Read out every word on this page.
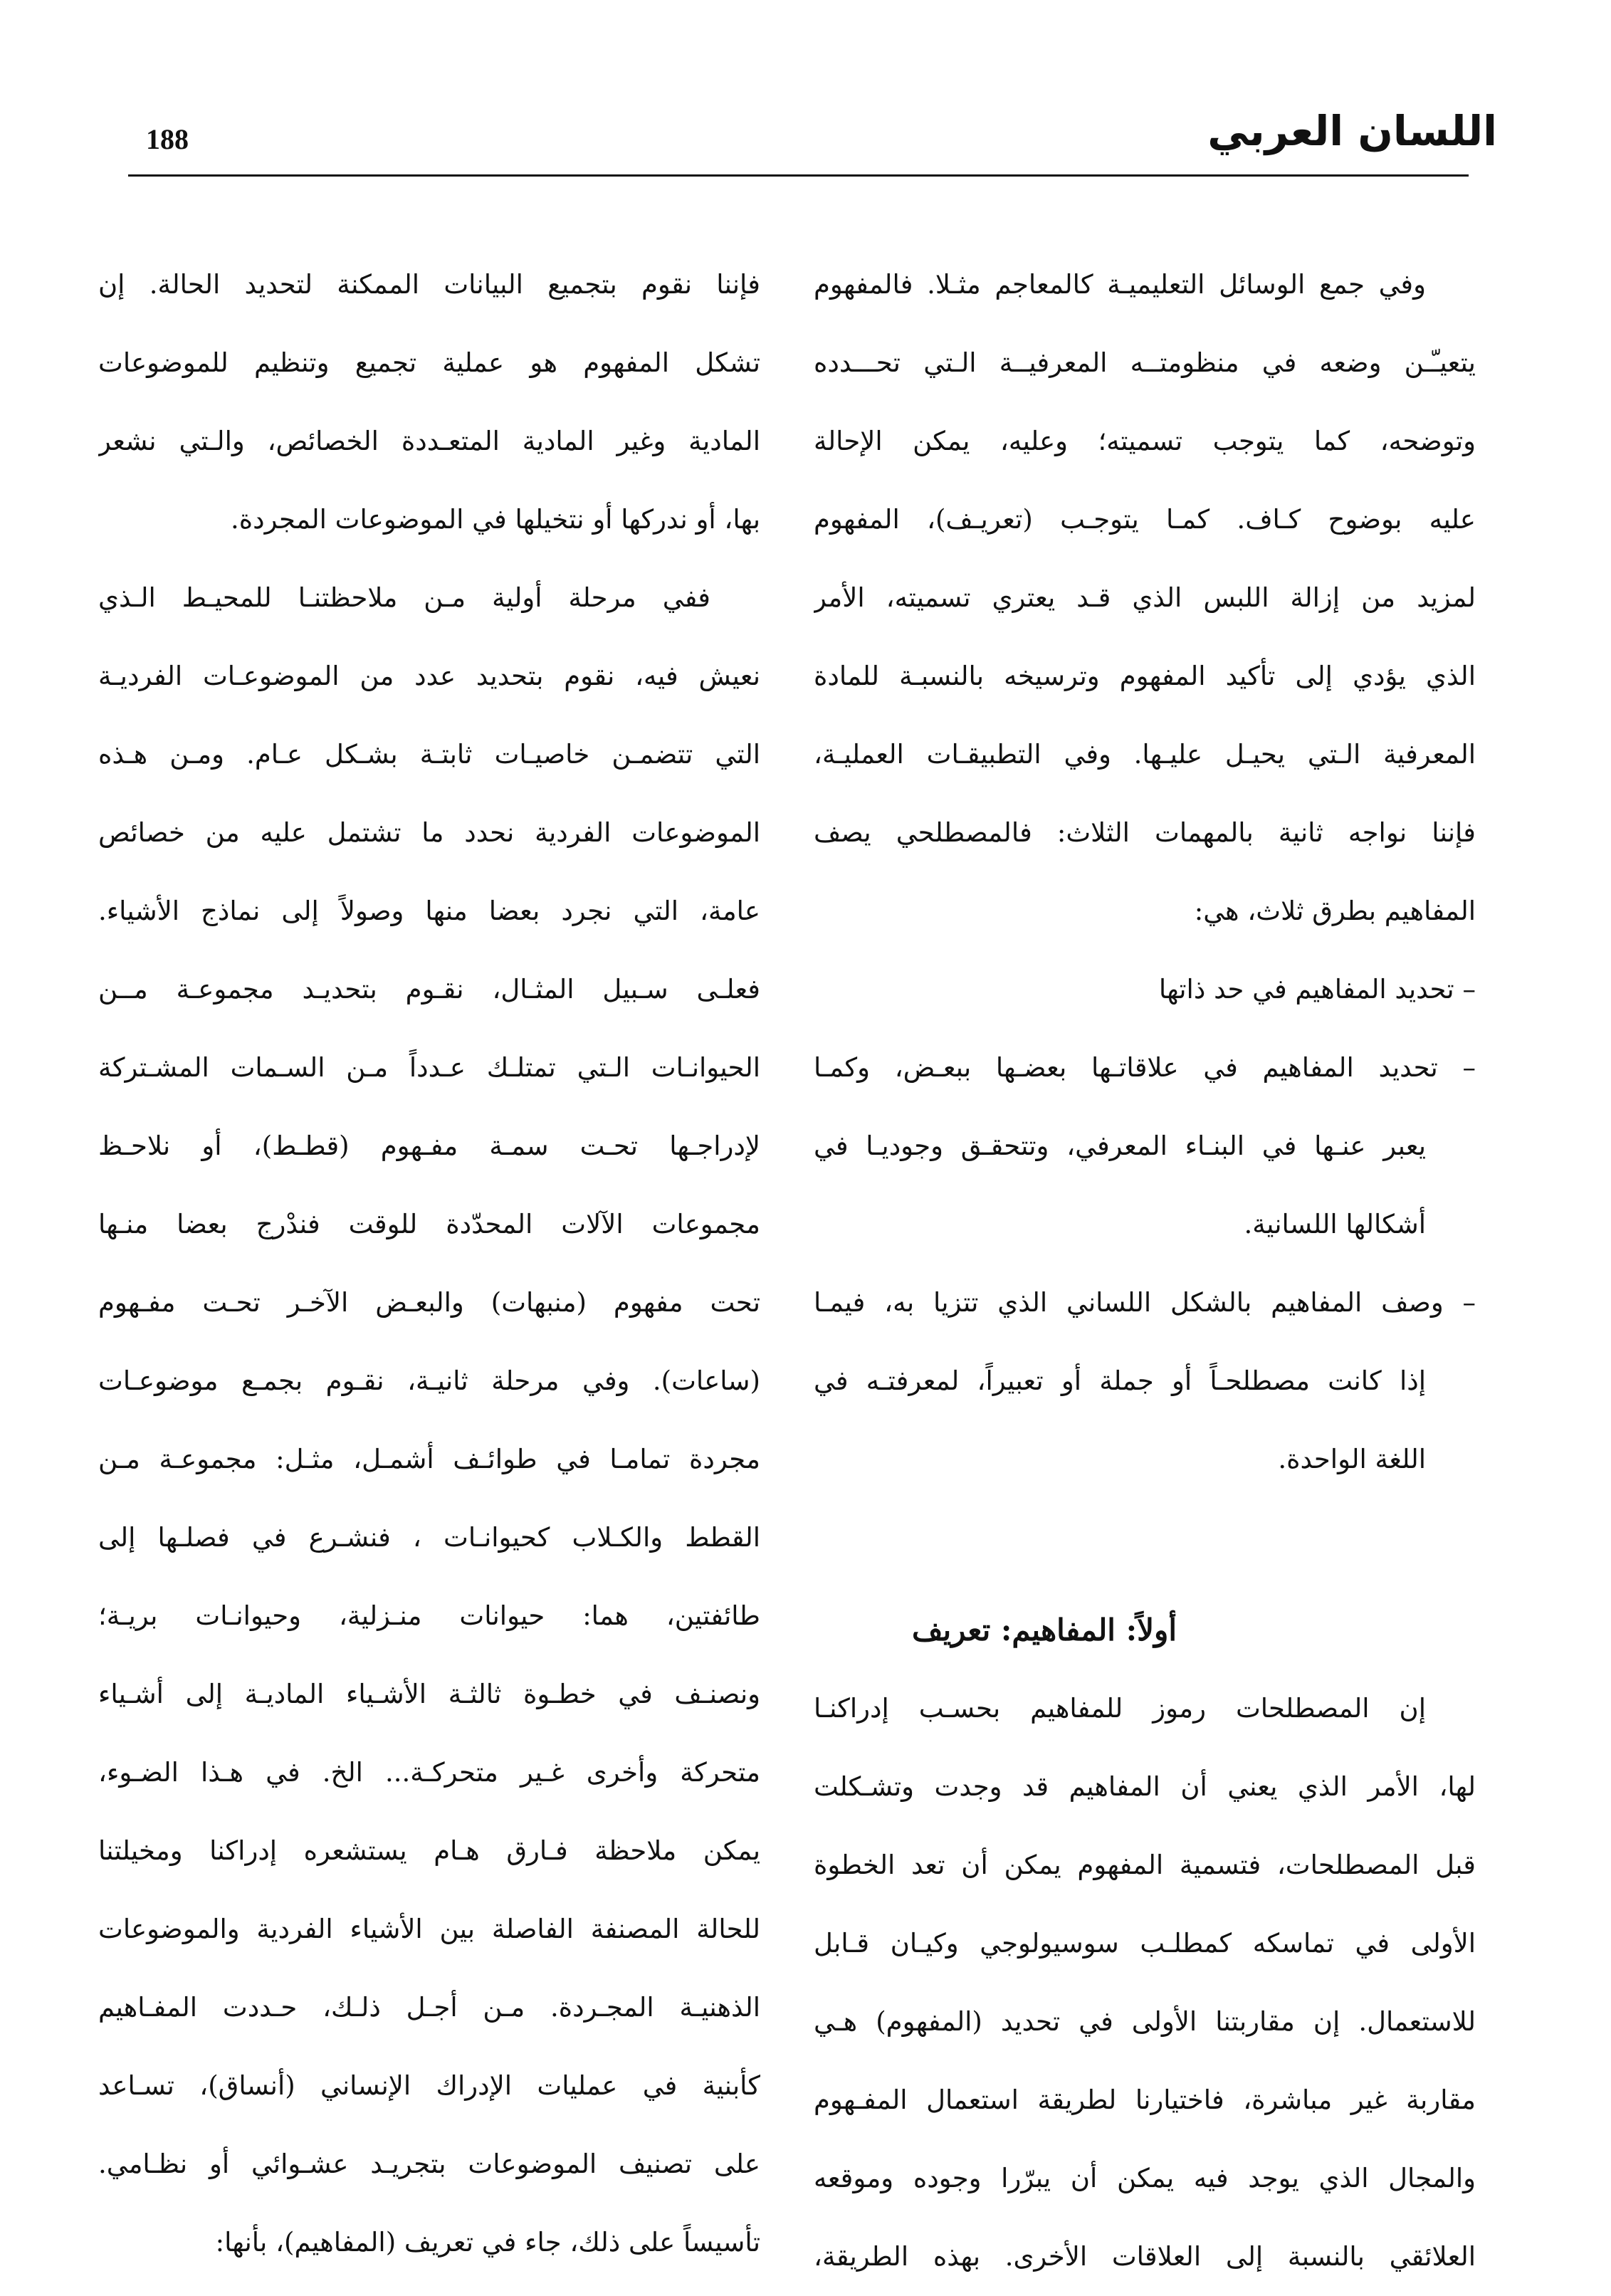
188	اللسان العربي
وفي جمع الوسائل التعليميـة كالمعاجم مثـلا. فالمفهوم
يتعيـّـن وضعه في منظومتــه المعرفيــة الـتي تحـــدده
وتوضحه، كما يتوجب تسميته؛ وعليه، يمكن الإحالة
عليه بوضوح كـاف. كمـا يتوجـب (تعريـف)، المفهوم
لمزيد من إزالة اللبس الذي قـد يعتري تسميته، الأمر
الذي يؤدي إلى تأكيد المفهوم وترسيخه بالنسبـة للمادة
المعرفية الـتي يحيـل عليـها. وفي التطبيقـات العمليـة،
فإننا نواجه ثانية بالمهمات الثلاث: فالمصطلحي يصف
المفاهيم بطرق ثلاث، هي:
– تحديد المفاهيم في حد ذاتها
– تحديد المفاهيم في علاقاتـها بعضـها ببعـض، وكمـا
يعبر عنـها في البنـاء المعرفي، وتتحقـق وجوديـا في
أشكالها اللسانية.
– وصف المفاهيم بالشكل اللساني الذي تتزيا به، فيمـا
إذا كانت مصطلحـاً أو جملة أو تعبيراً، لمعرفتـه في
اللغة الواحدة.
أولاً: المفاهيم: تعريف
إن المصطلحات رموز للمفاهيم بحسـب إدراكنـا
لها، الأمر الذي يعني أن المفاهيم قد وجدت وتشـكلت
قبل المصطلحات، فتسمية المفهوم يمكن أن تعد الخطوة
الأولى في تماسكه كمطلـب سوسيولوجي وكيـان قـابل
للاستعمال. إن مقاربتنا الأولى في تحديد (المفهوم) هـي
مقاربة غير مباشرة، فاختيارنا لطريقة استعمال المفـهوم
والمجال الذي يوجد فيه يمكن أن يبرّرا وجوده وموقعه
العلائقي بالنسبة إلى العلاقات الأخرى. بهذه الطريقة،
فإننا نقوم بتجميع البيانات الممكنة لتحديد الحالة. إن
تشكل المفهوم هو عملية تجميع وتنظيم للموضوعات
المادية وغير المادية المتعـددة الخصائص، والـتي نشعر
بها، أو ندركها أو نتخيلها في الموضوعات المجردة.
ففي مرحلة أولية مـن ملاحظتنـا للمحيـط الـذي
نعيش فيه، نقوم بتحديد عدد من الموضوعـات الفرديـة
التي تتضمـن خاصيـات ثابتـة بشـكل عـام. ومـن هـذه
الموضوعات الفردية نحدد ما تشتمل عليه من خصائص
عامة، التي نجرد بعضا منها وصولاً إلى نماذج الأشياء.
فعلـى سـبيل المثـال، نقـوم بتحديـد مجموعـة مــن
الحيوانـات الـتي تمتلـك عـدداً مـن السـمات المشـتركة
لإدراجـها تحـت سمـة مفـهوم (قطـط)، أو نلاحـظ
مجموعات الآلات المحدّدة للوقت فندْرج بعضا منـها
تحت مفهوم (منبهات) والبعـض الآخـر تحـت مفـهوم
(ساعات). وفي مرحلة ثانيـة، نقـوم بجمـع موضوعـات
مجردة تمامـا في طوائـف أشمـل، مثـل: مجموعـة مـن
القطط والكـلاب كحيوانـات ، فنشـرع في فصلـها إلى
طائفتين، هما: حيوانات منـزلية، وحيوانـات بريـة؛
ونصنـف في خطـوة ثالثـة الأشـياء الماديـة إلى أشـياء
متحركة وأخرى غـير متحركـة... الخ. في هـذا الضـوء،
يمكن ملاحظة فـارق هـام يستشعره إدراكنا ومخيلتنا
للحالة المصنفة الفاصلة بين الأشياء الفردية والموضوعات
الذهنيـة المجـردة. مـن أجـل ذلـك، حـددت المفـاهيم
كأبنية في عمليات الإدراك الإنساني (أنساق)، تسـاعد
على تصنيف الموضوعات بتجريـد عشـوائي أو نظـامي.
تأسيساً على ذلك، جاء في تعريف (المفاهيم)، بأنها:
